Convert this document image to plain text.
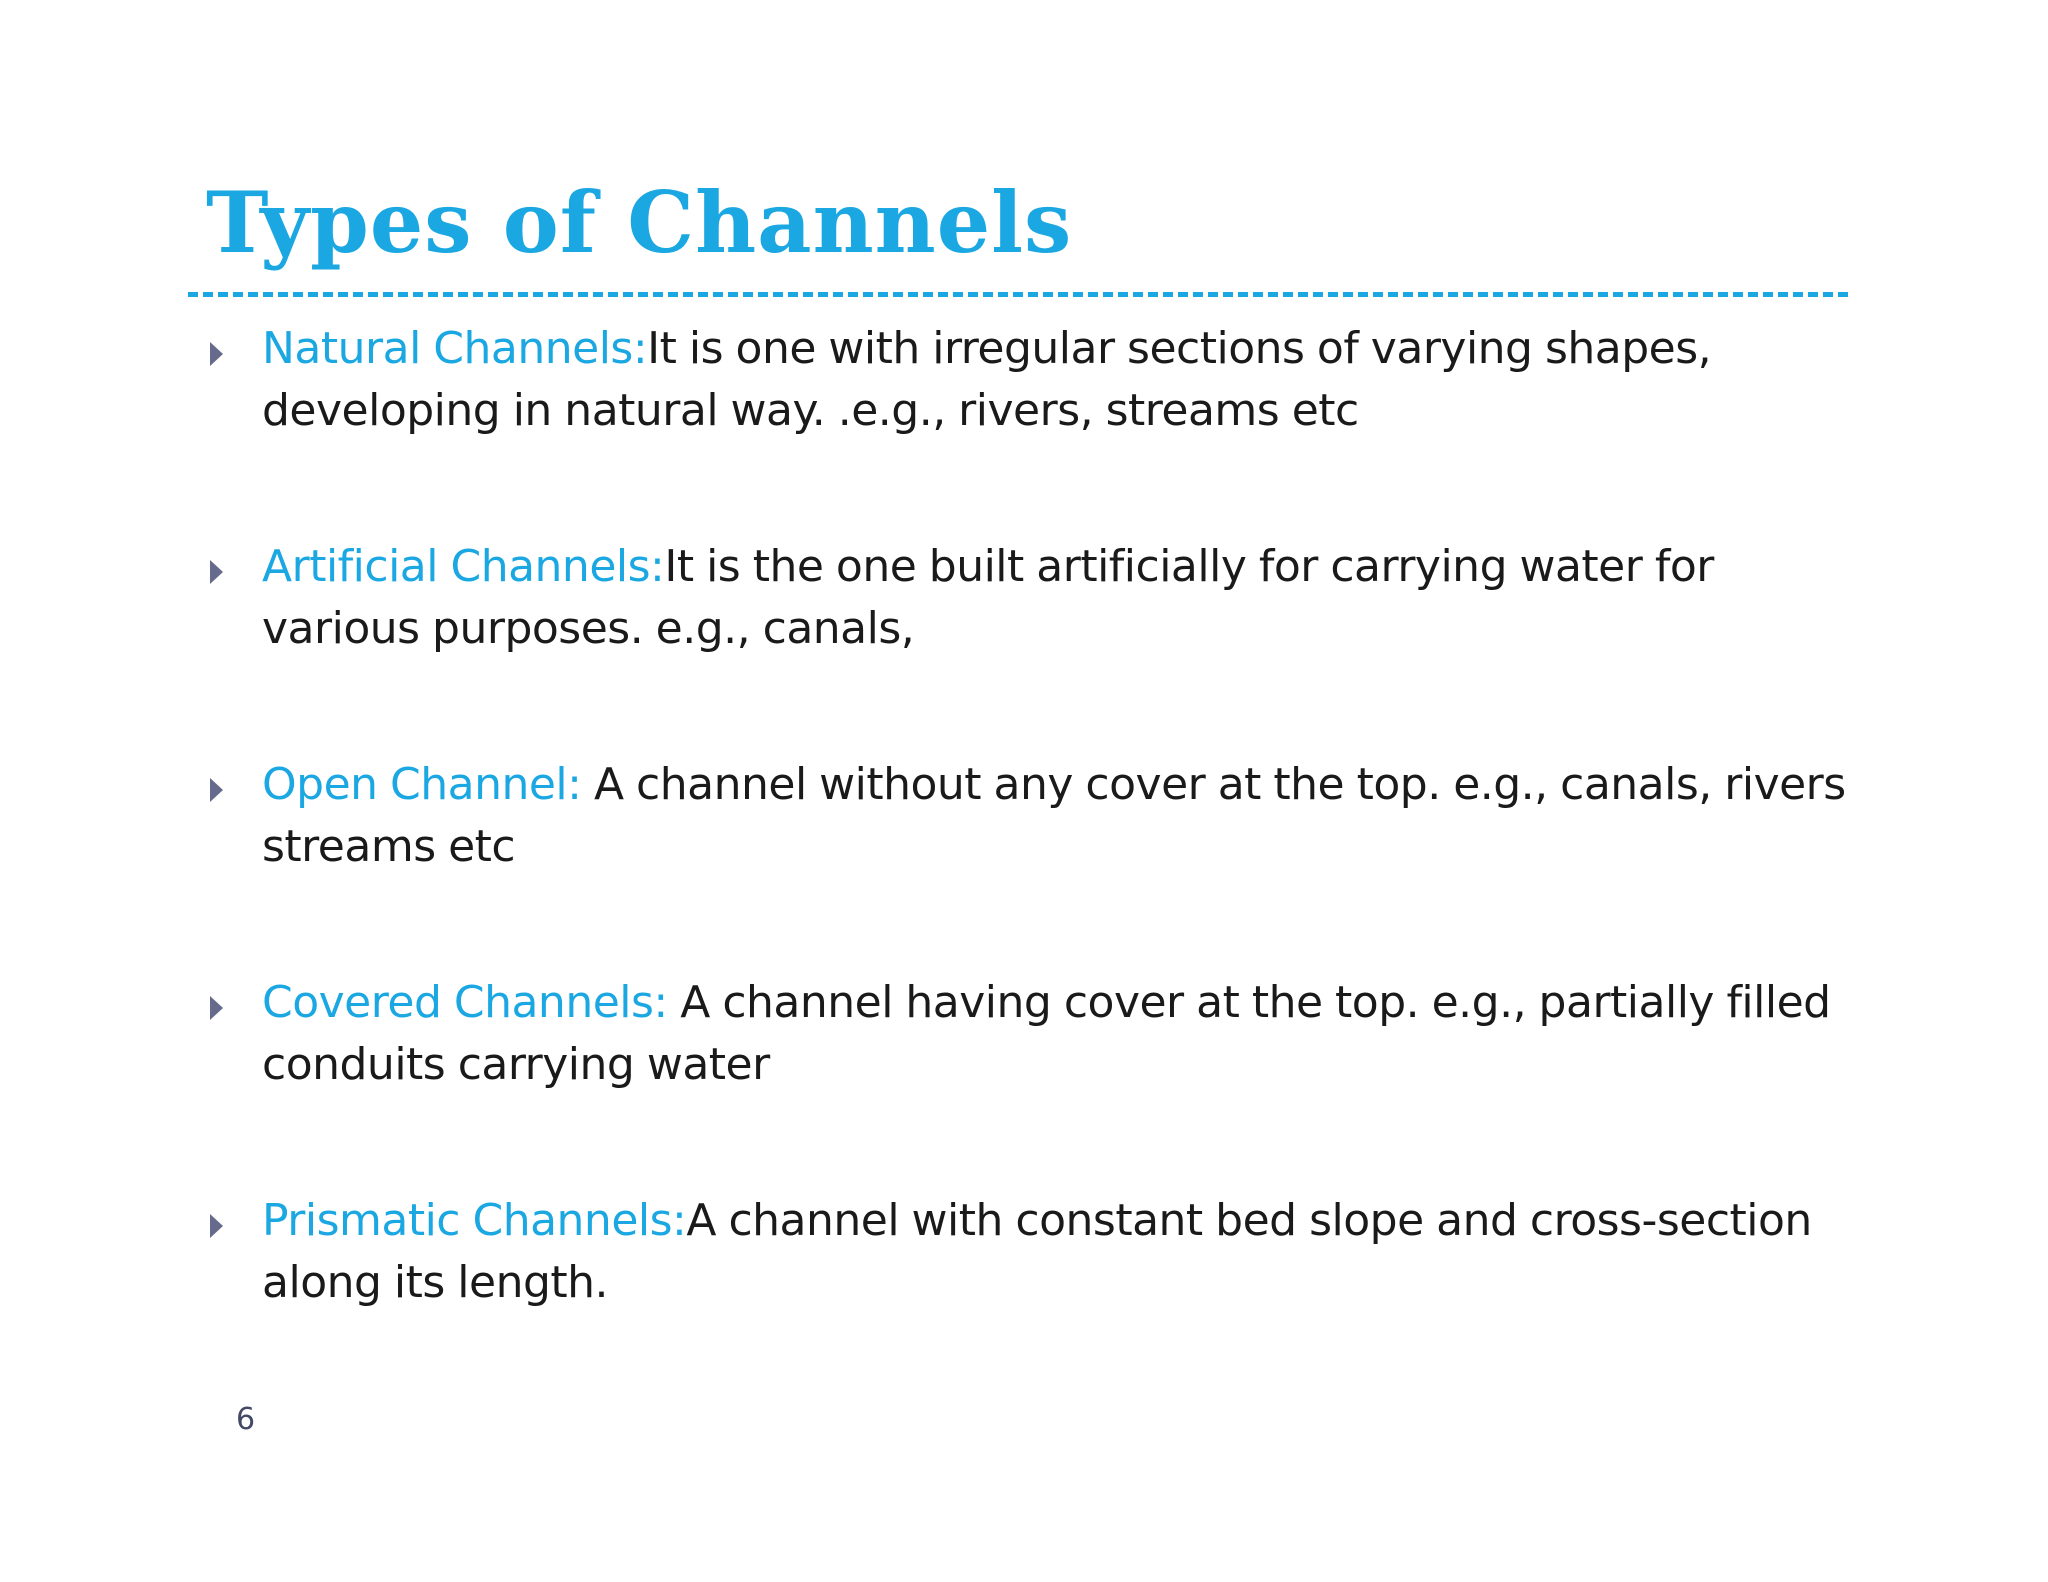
Types of Channels
Natural Channels:It is one with irregular sections of varying shapes, developing in natural way. .e.g., rivers, streams etc
Artificial Channels:It is the one built artificially for carrying water for various purposes. e.g., canals,
Open Channel: A channel without any cover at the top. e.g., canals, rivers streams etc
Covered Channels: A channel having cover at the top. e.g., partially filled conduits carrying water
Prismatic Channels:A channel with constant bed slope and cross-section along its length.
6
